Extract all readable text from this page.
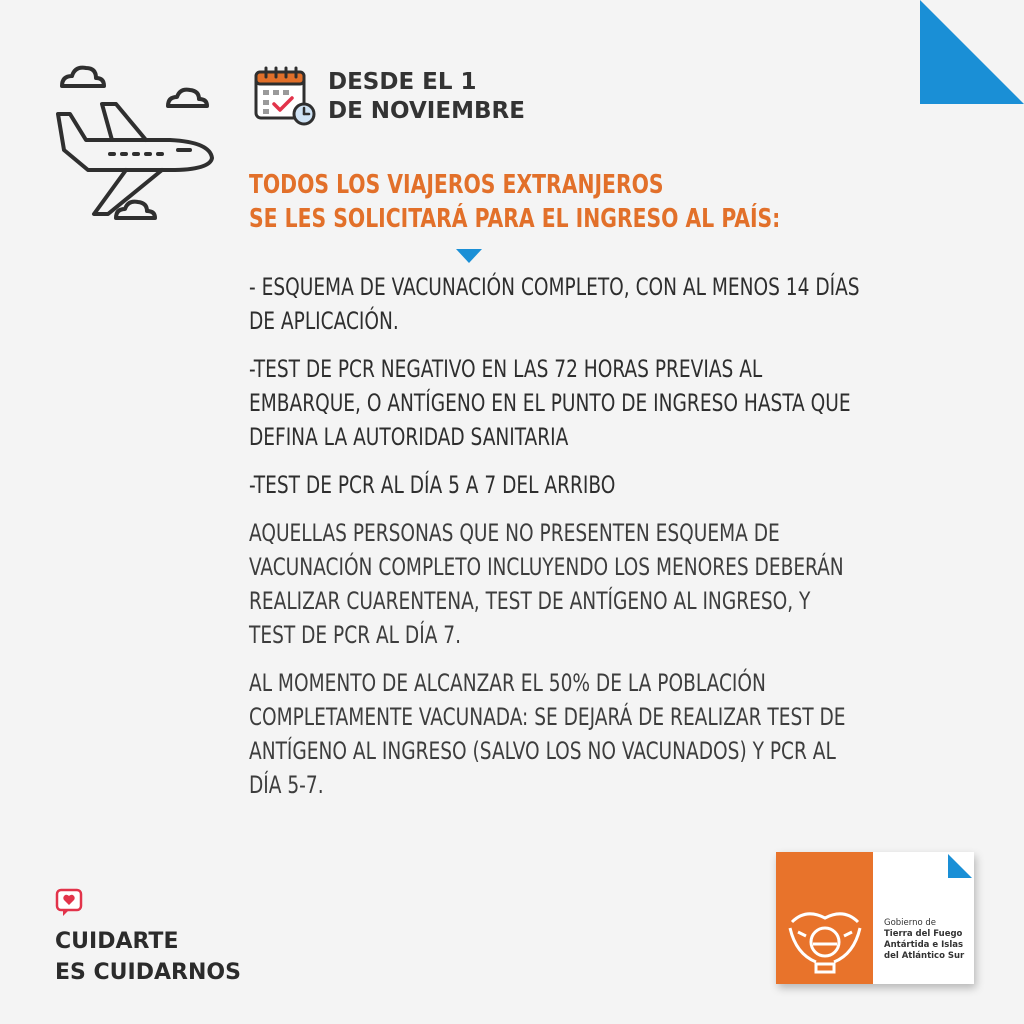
DESDE EL 1
DE NOVIEMBRE
TODOS LOS VIAJEROS EXTRANJEROS
SE LES SOLICITARÁ PARA EL INGRESO AL PAÍS:

- ESQUEMA DE VACUNACIÓN COMPLETO, CON AL MENOS 14 DÍAS
DE APLICACIÓN.

-TEST DE PCR NEGATIVO EN LAS 72 HORAS PREVIAS AL
EMBARQUE, O ANTÍGENO EN EL PUNTO DE INGRESO HASTA QUE
DEFINA LA AUTORIDAD SANITARIA

-TEST DE PCR AL DÍA 5 A 7 DEL ARRIBO

AQUELLAS PERSONAS QUE NO PRESENTEN ESQUEMA DE
VACUNACIÓN COMPLETO INCLUYENDO LOS MENORES DEBERÁN
REALIZAR CUARENTENA, TEST DE ANTÍGENO AL INGRESO, Y
TEST DE PCR AL DÍA 7.

AL MOMENTO DE ALCANZAR EL 50% DE LA POBLACIÓN
COMPLETAMENTE VACUNADA: SE DEJARÁ DE REALIZAR TEST DE
ANTÍGENO AL INGRESO (SALVO LOS NO VACUNADOS) Y PCR AL
DÍA 5-7.

CUIDARTE
ES CUIDARNOS
Gobierno de
Tierra del Fuego
Antártida e Islas
del Atlántico Sur
